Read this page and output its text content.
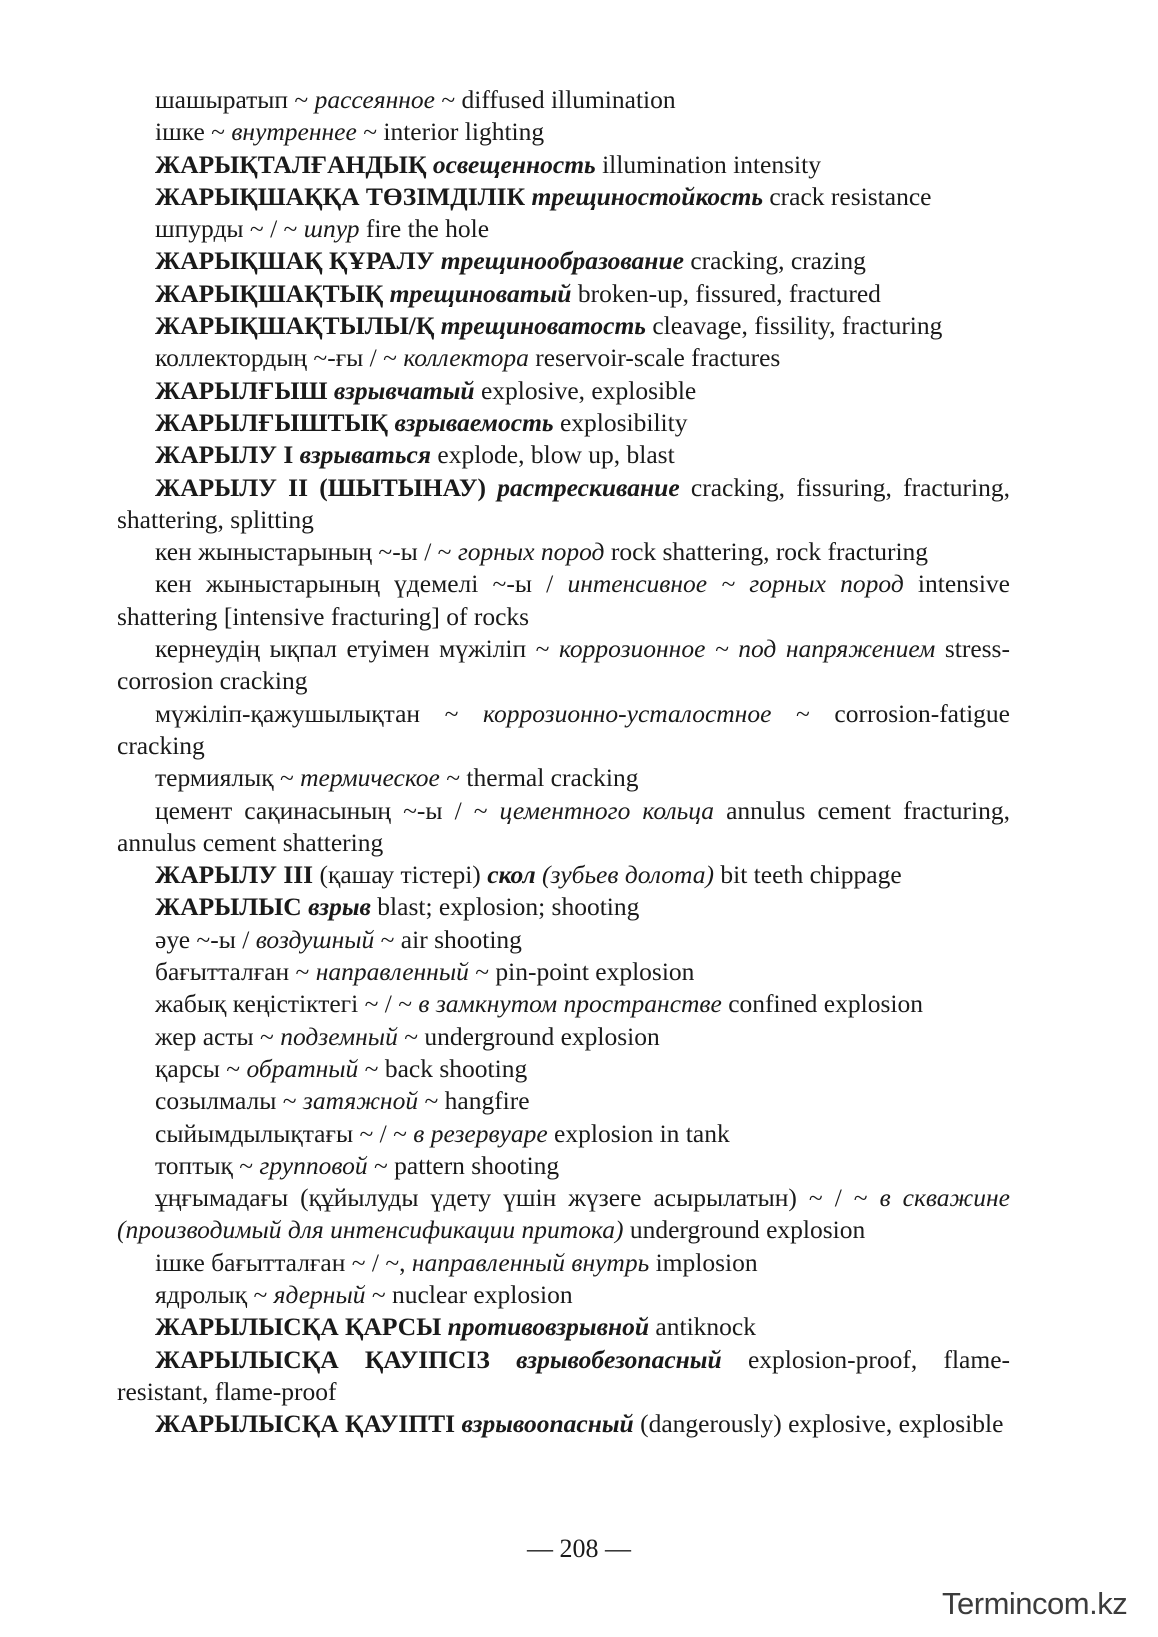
шашыратып ~ рассеянное ~ diffused illumination

ішке ~ внутреннее ~ interior lighting

ЖАРЫҚТАЛҒАНДЫҚ освещенность illumination intensity

ЖАРЫҚШАҚҚА ТӨЗІМДІЛІК трещиностойкость crack resistance

шпурды ~ / ~ шпур fire the hole

ЖАРЫҚШАҚ ҚҰРАЛУ трещинообразование cracking, crazing

ЖАРЫҚШАҚТЫҚ трещиноватый broken-up, fissured, fractured

ЖАРЫҚШАҚТЫЛЫ/Қ трещиноватость cleavage, fissility, fracturing

коллектордың ~-ғы / ~ коллектора reservoir-scale fractures

ЖАРЫЛҒЫШ взрывчатый explosive, explosible

ЖАРЫЛҒЫШТЫҚ взрываемость explosibility

ЖАРЫЛУ I взрываться explode, blow up, blast

ЖАРЫЛУ II (ШЫТЫНАУ) растрескивание cracking, fissuring, fracturing, shattering, splitting

кен жыныстарының ~-ы / ~ горных пород rock shattering, rock fracturing

кен жыныстарының үдемелі ~-ы / интенсивное ~ горных пород intensive shattering [intensive fracturing] of rocks

кернеудің ықпал етуімен мүжіліп ~ коррозионное ~ под напряжением stress-corrosion cracking

мүжіліп-қажушылықтан ~ коррозионно-усталостное ~ corrosion-fatigue cracking

термиялық ~ термическое ~ thermal cracking

цемент сақинасының ~-ы / ~ цементного кольца annulus cement fracturing, annulus cement shattering

ЖАРЫЛУ III (қашау тістері) скол (зубьев долота) bit teeth chippage

ЖАРЫЛЫС взрыв blast; explosion; shooting

әуе ~-ы / воздушный ~ air shooting

бағытталған ~ направленный ~ pin-point explosion

жабық кеңістіктегі ~ / ~ в замкнутом пространстве confined explosion

жер асты ~ подземный ~ underground explosion

қарсы ~ обратный ~ back shooting

созылмалы ~ затяжной ~ hangfire

сыйымдылықтағы ~ / ~ в резервуаре explosion in tank

топтық ~ групповой ~ pattern shooting

ұңғымадағы (құйылуды үдету үшін жүзеге асырылатын) ~ / ~ в скважине (производимый для интенсификации притока) underground explosion

ішке бағытталған ~ / ~, направленный внутрь implosion

ядролық ~ ядерный ~ nuclear explosion

ЖАРЫЛЫСҚА ҚАРСЫ противовзрывной antiknock

ЖАРЫЛЫСҚА ҚАУІПСІЗ взрывобезопасный explosion-proof, flame-resistant, flame-proof

ЖАРЫЛЫСҚА ҚАУІПТІ взрывоопасный (dangerously) explosive, explosible

— 208 —
Termincom.kz
